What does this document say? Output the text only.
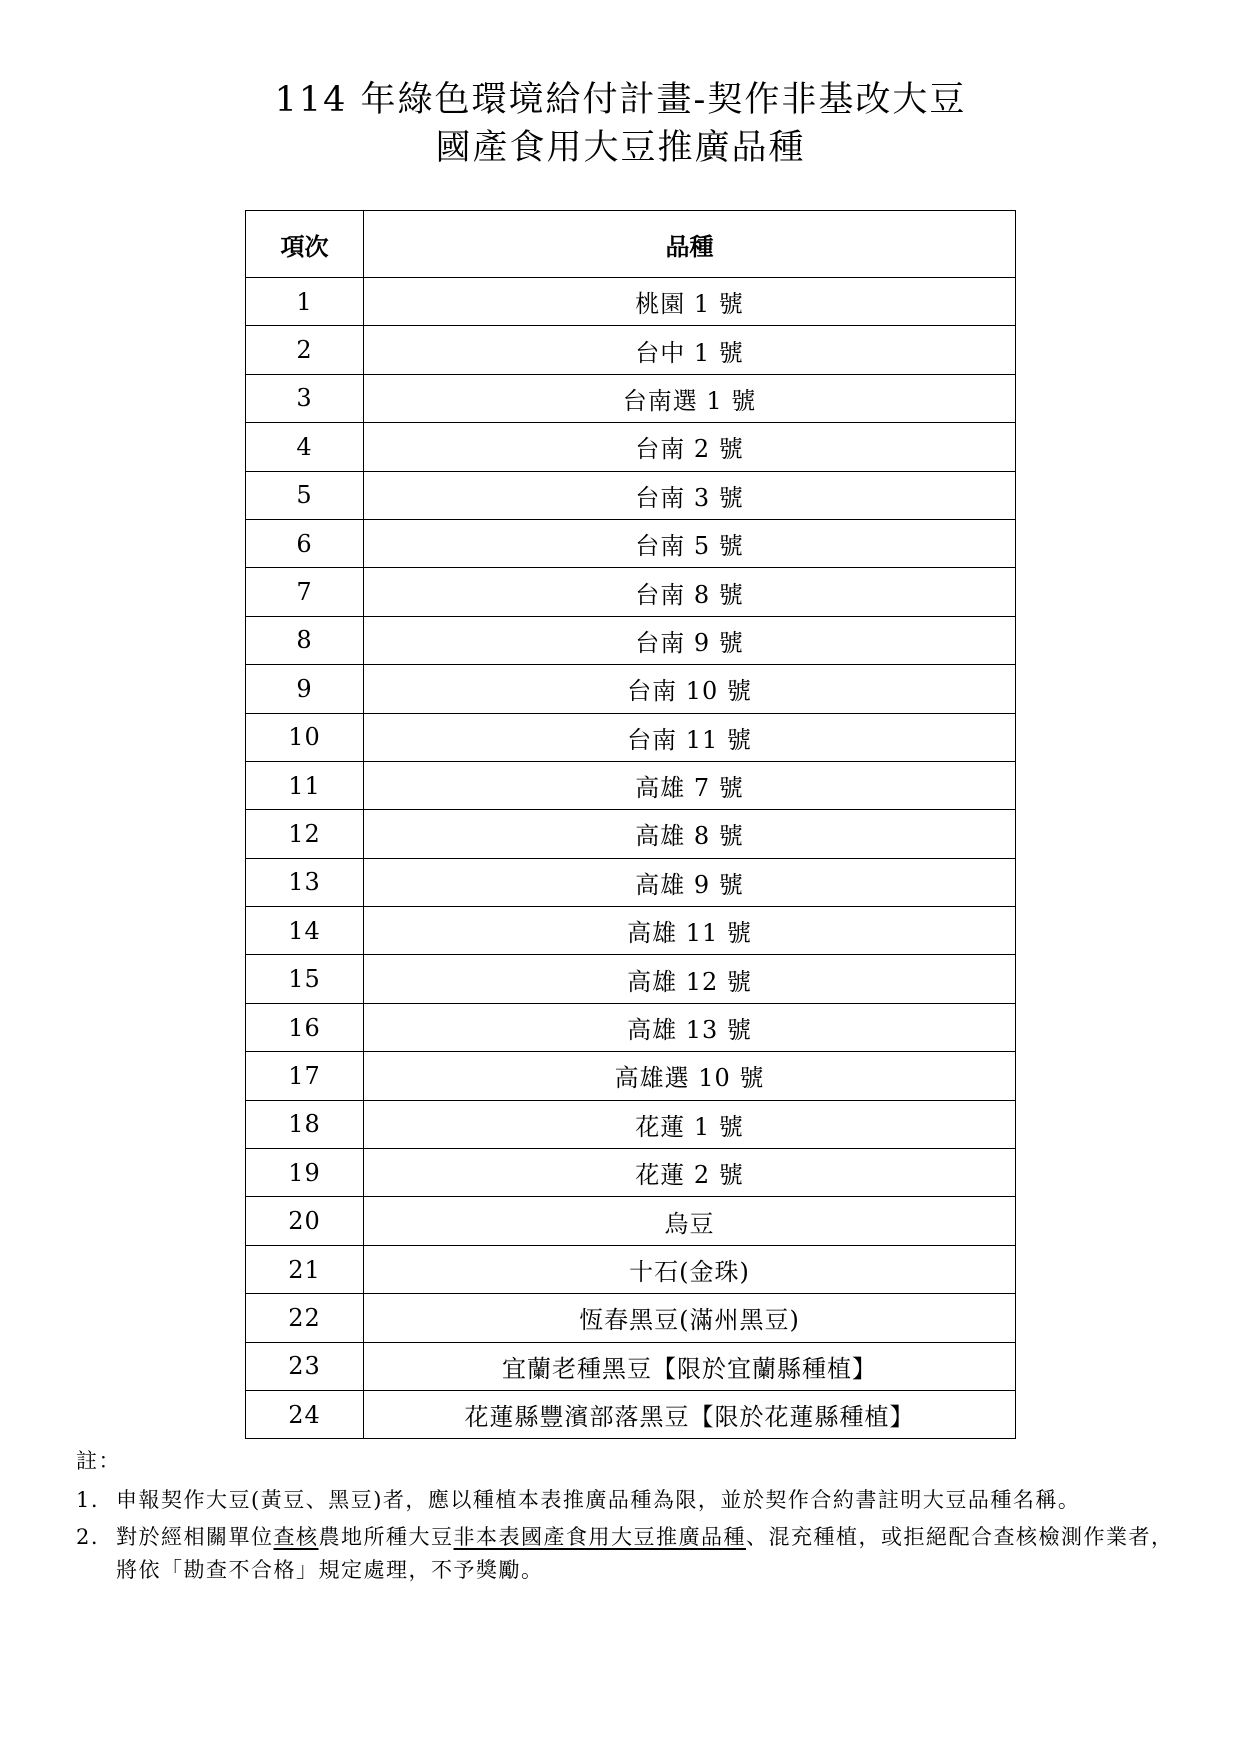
114 年綠色環境給付計畫-契作非基改大豆
國產食用大豆推廣品種
項次	品種
1	桃園 1 號
2	台中 1 號
3	台南選 1 號
4	台南 2 號
5	台南 3 號
6	台南 5 號
7	台南 8 號
8	台南 9 號
9	台南 10 號
10	台南 11 號
11	高雄 7 號
12	高雄 8 號
13	高雄 9 號
14	高雄 11 號
15	高雄 12 號
16	高雄 13 號
17	高雄選 10 號
18	花蓮 1 號
19	花蓮 2 號
20	烏豆
21	十石(金珠)
22	恆春黑豆(滿州黑豆)
23	宜蘭老種黑豆【限於宜蘭縣種植】
24	花蓮縣豐濱部落黑豆【限於花蓮縣種植】
註：
1. 申報契作大豆(黃豆、黑豆)者，應以種植本表推廣品種為限，並於契作合約書註明大豆品種名稱。
2. 對於經相關單位查核農地所種大豆非本表國產食用大豆推廣品種、混充種植，或拒絕配合查核檢測作業者，將依「勘查不合格」規定處理，不予獎勵。
